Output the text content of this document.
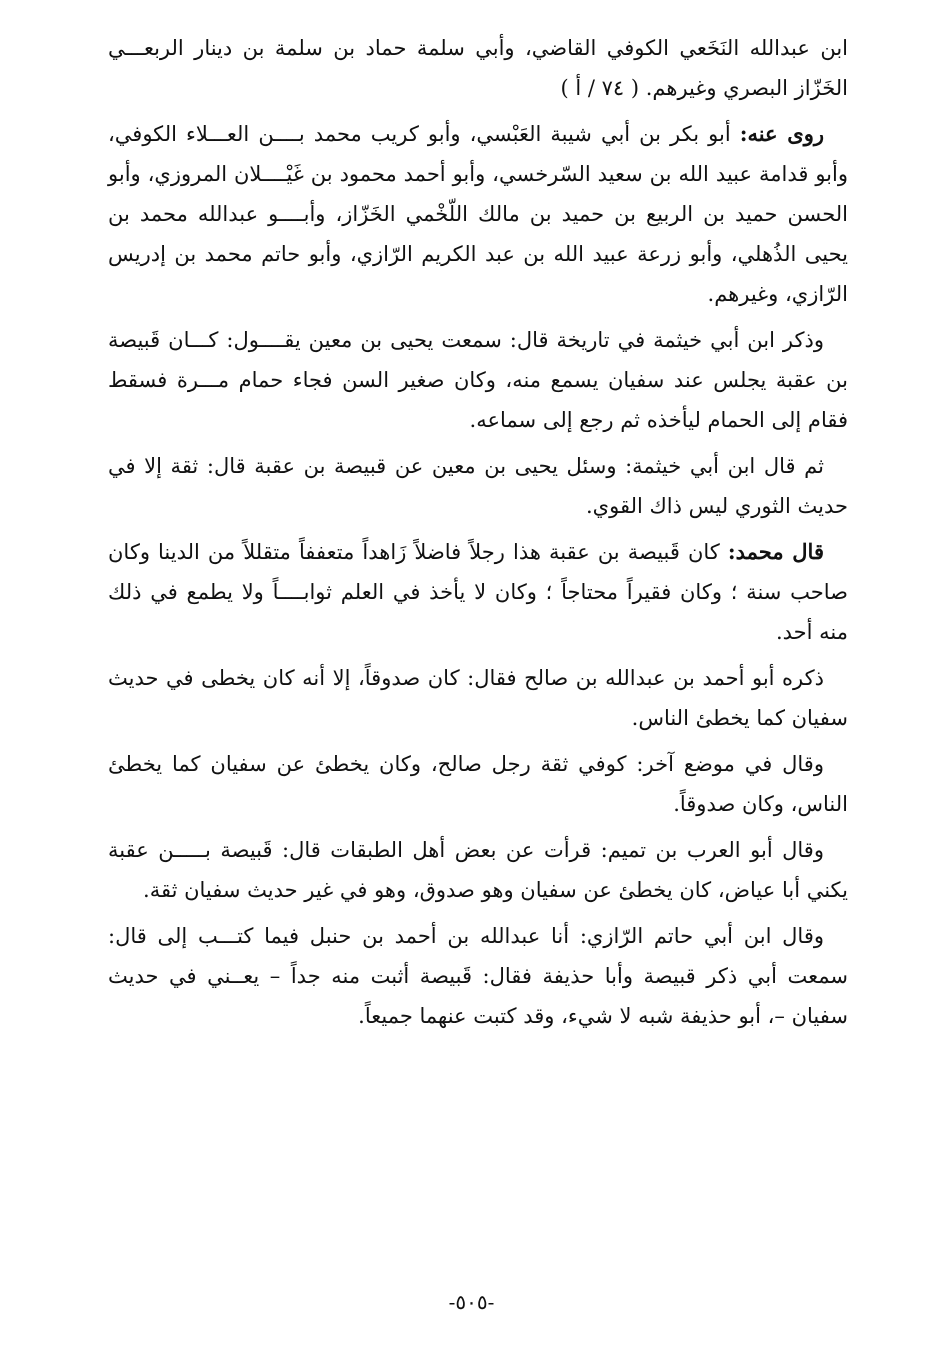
ابن عبدالله النَخَعي الكوفي القاضي، وأبي سلمة حماد بن سلمة بن دينار الربعـــي الخَزّاز البصري وغيرهم. ( ٧٤ / أ )

روى عنه: أبو بكر بن أبي شيبة العَبْسي، وأبو كريب محمد بــــن العـــلاء الكوفي، وأبو قدامة عبيد الله بن سعيد السّرخسي، وأبو أحمد محمود بن غَيْــــلان المروزي، وأبو الحسن حميد بن الربيع بن حميد بن مالك اللّخْمي الخَزّاز، وأبــــو عبدالله محمد بن يحيى الذُهلي، وأبو زرعة عبيد الله بن عبد الكريم الرّازي، وأبو حاتم محمد بن إدريس الرّازي، وغيرهم.

وذكر ابن أبي خيثمة في تاريخة قال: سمعت يحيى بن معين يقــــول: كـــان قَبيصة بن عقبة يجلس عند سفيان يسمع منه، وكان صغير السن فجاء حمام مـــرة فسقط فقام إلى الحمام ليأخذه ثم رجع إلى سماعه.

ثم قال ابن أبي خيثمة: وسئل يحيى بن معين عن قبيصة بن عقبة قال: ثقة إلا في حديث الثوري ليس ذاك القوي.

قال محمد: كان قَبيصة بن عقبة هذا رجلاً فاضلاً زَاهداً متعففاً متقللاً من الدينا وكان صاحب سنة ؛ وكان فقيراً محتاجاً ؛ وكان لا يأخذ في العلم ثوابــــاً ولا يطمع في ذلك منه أحد.

ذكره أبو أحمد بن عبدالله بن صالح فقال: كان صدوقاً، إلا أنه كان يخطى في حديث سفيان كما يخطئ الناس.

وقال في موضع آخر: كوفي ثقة رجل صالح، وكان يخطئ عن سفيان كما يخطئ الناس، وكان صدوقاً.

وقال أبو العرب بن تميم: قرأت عن بعض أهل الطبقات قال: قَبيصة بـــــن عقبة يكني أبا عياض، كان يخطئ عن سفيان وهو صدوق، وهو في غير حديث سفيان ثقة.

وقال ابن أبي حاتم الرّازي: أنا عبدالله بن أحمد بن حنبل فيما كتـــب إلى قال: سمعت أبي ذكر قبيصة وأبا حذيفة فقال: قَبيصة أثبت منه جداً – يعــني في حديث سفيان –، أبو حذيفة شبه لا شيء، وقد كتبت عنهما جميعاً.

-٥٠٥-
